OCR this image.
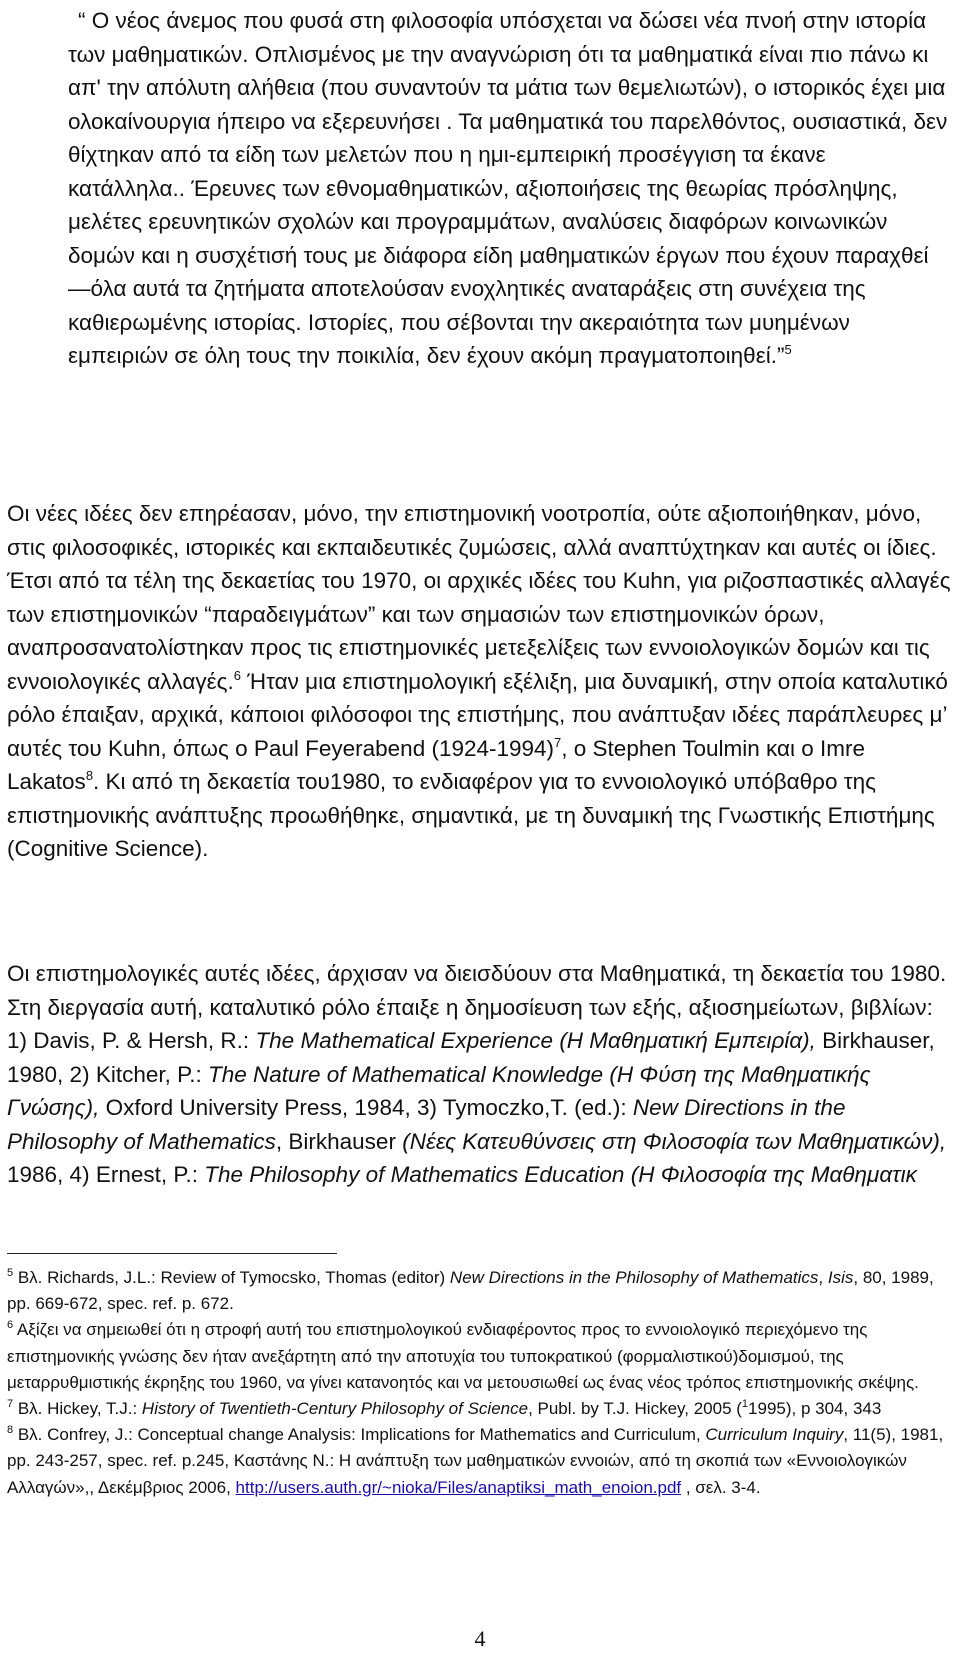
“ Ο νέος άνεμος που φυσά στη φιλοσοφία υπόσχεται να δώσει νέα πνοή στην ιστορία των μαθηματικών. Οπλισμένος με την αναγνώριση ότι τα μαθηματικά είναι πιο πάνω κι απ' την απόλυτη αλήθεια (που συναντούν τα μάτια των θεμελιωτών), ο ιστορικός έχει μια ολοκαίνουργια ήπειρο να εξερευνήσει . Τα μαθηματικά του παρελθόντος, ουσιαστικά, δεν θίχτηκαν από τα είδη των μελετών που η ημι-εμπειρική προσέγγιση τα έκανε κατάλληλα.. Έρευνες των εθνομαθηματικών, αξιοποιήσεις της θεωρίας πρόσληψης, μελέτες ερευνητικών σχολών και προγραμμάτων, αναλύσεις διαφόρων κοινωνικών δομών και η συσχέτισή τους με διάφορα είδη μαθηματικών έργων που έχουν παραχθεί —όλα αυτά τα ζητήματα αποτελούσαν ενοχλητικές αναταράξεις στη συνέχεια της καθιερωμένης ιστορίας. Ιστορίες, που σέβονται την ακεραιότητα των μυημένων εμπειριών σε όλη τους την ποικιλία, δεν έχουν ακόμη πραγματοποιηθεί.”$^5$
Οι νέες ιδέες δεν επηρέασαν, μόνο, την επιστημονική νοοτροπία, ούτε αξιοποιήθηκαν, μόνο, στις φιλοσοφικές, ιστορικές και εκπαιδευτικές ζυμώσεις, αλλά αναπτύχτηκαν και αυτές οι ίδιες. Έτσι από τα τέλη της δεκαετίας του 1970, οι αρχικές ιδέες του Kuhn, για ριζοσπαστικές αλλαγές των επιστημονικών “παραδειγμάτων” και των σημασιών των επιστημονικών όρων, αναπροσανατολίστηκαν προς τις επιστημονικές μετεξελίξεις των εννοιολογικών δομών και τις εννοιολογικές αλλαγές.$^6$ Ήταν μια επιστημολογική εξέλιξη, μια δυναμική, στην οποία καταλυτικό ρόλο έπαιξαν, αρχικά, κάποιοι φιλόσοφοι της επιστήμης, που ανάπτυξαν ιδέες παράπλευρες μ’ αυτές του Kuhn, όπως ο Paul Feyerabend (1924-1994)$^7$, ο Stephen Toulmin και ο Imre Lakatos$^8$. Κι από τη δεκαετία του1980, το ενδιαφέρον για το εννοιολογικό υπόβαθρο της επιστημονικής ανάπτυξης προωθήθηκε, σημαντικά, με τη δυναμική της Γνωστικής Επιστήμης (Cognitive Science).
Οι επιστημολογικές αυτές ιδέες, άρχισαν να διεισδύουν στα Μαθηματικά, τη δεκαετία του 1980. Στη διεργασία αυτή, καταλυτικό ρόλο έπαιξε η δημοσίευση των εξής, αξιοσημείωτων, βιβλίων: 1) Davis, P. & Hersh, R.: The Mathematical Experience (Η Μαθηματική Εμπειρία), Birkhauser, 1980, 2) Kitcher, P.: The Nature of Mathematical Knowledge (Η Φύση της Μαθηματικής Γνώσης), Oxford University Press, 1984, 3) Tymoczko,T. (ed.): New Directions in the Philosophy of Mathematics, Birkhauser (Νέες Κατευθύνσεις στη Φιλοσοφία των Μαθηματικών), 1986, 4) Ernest, P.: The Philosophy of Mathematics Education (Η Φιλοσοφία της Μαθηματικ
$^5$ Βλ. Richards, J.L.: Review of Tymocsko, Thomas (editor) New Directions in the Philosophy of Mathematics, Isis, 80, 1989, pp. 669-672, spec. ref. p. 672.
$^6$ Αξίζει να σημειωθεί ότι η στροφή αυτή του επιστημολογικού ενδιαφέροντος προς το εννοιολογικό περιεχόμενο της επιστημονικής γνώσης δεν ήταν ανεξάρτητη από την αποτυχία του τυποκρατικού (φορμαλιστικού)δομισμού, της μεταρρυθμιστικής έκρηξης του 1960, να γίνει κατανοητός και να μετουσιωθεί ως ένας νέος τρόπος επιστημονικής σκέψης.
$^7$ Βλ. Hickey, T.J.: History of Twentieth-Century Philosophy of Science, Publ. by T.J. Hickey, 2005 ($^1$1995), p 304, 343
$^8$ Βλ. Confrey, J.: Conceptual change Analysis: Implications for Mathematics and Curriculum, Curriculum Inquiry, 11(5), 1981, pp. 243-257, spec. ref. p.245, Καστάνης Ν.: Η ανάπτυξη των μαθηματικών εννοιών, από τη σκοπιά των «Εννοιολογικών Αλλαγών»,, Δεκέμβριος 2006, http://users.auth.gr/~nioka/Files/anaptiksi_math_enoion.pdf , σελ. 3-4.
4
